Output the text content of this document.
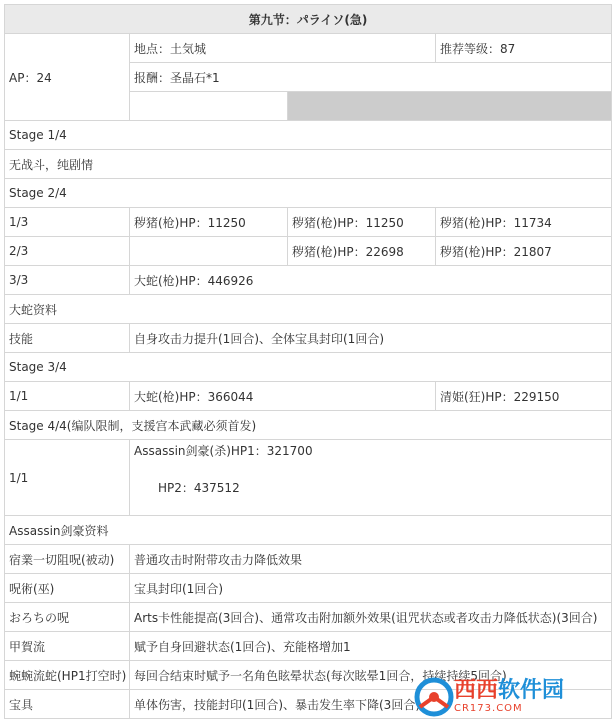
第九节：パライソ(急)			
AP：24	地点：土気城		推荐等级：87
	报酬：圣晶石*1		

Stage 1/4			
无战斗，纯剧情			
Stage 2/4			
1/3	秽猪(枪)HP：11250	秽猪(枪)HP：11250	秽猪(枪)HP：11734
2/3		秽猪(枪)HP：22698	秽猪(枪)HP：21807
3/3	大蛇(枪)HP：446926		
大蛇资料			
技能	自身攻击力提升(1回合)、全体宝具封印(1回合)		
Stage 3/4			
1/1	大蛇(枪)HP：366044		清姫(狂)HP：229150
Stage 4/4(编队限制，支援宫本武藏必须首发)			
1/1	Assassin剑豪(杀)HP1：321700
HP2：437512		

Assassin剑豪资料			
宿業一切阻呪(被动)	普通攻击时附带攻击力降低效果		
呪術(巫)	宝具封印(1回合)		
おろちの呪	Arts卡性能提高(3回合)、通常攻击附加额外效果(诅咒状态或者攻击力降低状态)(3回合)		
甲賀流	赋予自身回避状态(1回合)、充能格增加1		
蜿蜿流蛇(HP1打空时)	每回合结束时赋予一名角色眩晕状态(每次眩晕1回合，持续持续5回合)		
宝具	单体伤害，技能封印(1回合)、暴击发生率下降(3回合)		
西西软件园
CR173.COM
